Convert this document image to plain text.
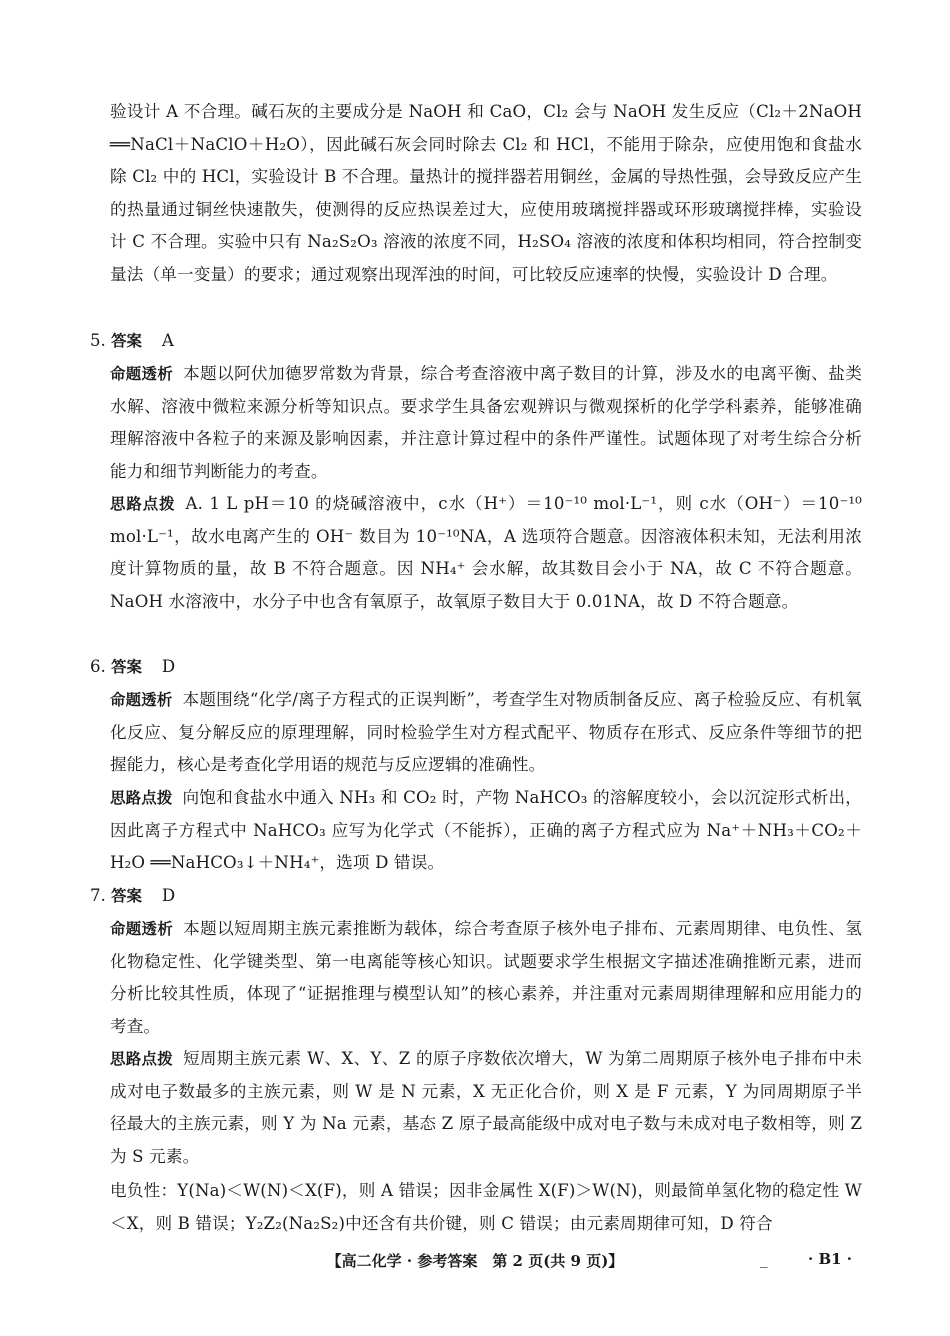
验设计 A 不合理。碱石灰的主要成分是 NaOH 和 CaO，Cl₂ 会与 NaOH 发生反应（Cl₂＋2NaOH ══NaCl＋NaClO＋H₂O），因此碱石灰会同时除去 Cl₂ 和 HCl，不能用于除杂，应使用饱和食盐水除 Cl₂ 中的 HCl，实验设计 B 不合理。量热计的搅拌器若用铜丝，金属的导热性强，会导致反应产生的热量通过铜丝快速散失，使测得的反应热误差过大，应使用玻璃搅拌器或环形玻璃搅拌棒，实验设计 C 不合理。实验中只有 Na₂S₂O₃ 溶液的浓度不同，H₂SO₄ 溶液的浓度和体积均相同，符合控制变量法（单一变量）的要求；通过观察出现浑浊的时间，可比较反应速率的快慢，实验设计 D 合理。
5. 答案 A
命题透析 本题以阿伏加德罗常数为背景，综合考查溶液中离子数目的计算，涉及水的电离平衡、盐类水解、溶液中微粒来源分析等知识点。要求学生具备宏观辨识与微观探析的化学学科素养，能够准确理解溶液中各粒子的来源及影响因素，并注意计算过程中的条件严谨性。试题体现了对考生综合分析能力和细节判断能力的考查。
思路点拨 A. 1 L pH＝10 的烧碱溶液中，c水（H⁺）＝10⁻¹⁰ mol·L⁻¹，则 c水（OH⁻）＝10⁻¹⁰ mol·L⁻¹，故水电离产生的 OH⁻ 数目为 10⁻¹⁰NA，A 选项符合题意。因溶液体积未知，无法利用浓度计算物质的量，故 B 不符合题意。因 NH₄⁺ 会水解，故其数目会小于 NA，故 C 不符合题意。NaOH 水溶液中，水分子中也含有氧原子，故氧原子数目大于 0.01NA，故 D 不符合题意。
6. 答案 D
命题透析 本题围绕“化学/离子方程式的正误判断”，考查学生对物质制备反应、离子检验反应、有机氧化反应、复分解反应的原理理解，同时检验学生对方程式配平、物质存在形式、反应条件等细节的把握能力，核心是考查化学用语的规范与反应逻辑的准确性。
思路点拨 向饱和食盐水中通入 NH₃ 和 CO₂ 时，产物 NaHCO₃ 的溶解度较小，会以沉淀形式析出，因此离子方程式中 NaHCO₃ 应写为化学式（不能拆），正确的离子方程式应为 Na⁺＋NH₃＋CO₂＋H₂O ══NaHCO₃↓＋NH₄⁺，选项 D 错误。
7. 答案 D
命题透析 本题以短周期主族元素推断为载体，综合考查原子核外电子排布、元素周期律、电负性、氢化物稳定性、化学键类型、第一电离能等核心知识。试题要求学生根据文字描述准确推断元素，进而分析比较其性质，体现了“证据推理与模型认知”的核心素养，并注重对元素周期律理解和应用能力的考查。
思路点拨 短周期主族元素 W、X、Y、Z 的原子序数依次增大，W 为第二周期原子核外电子排布中未成对电子数最多的主族元素，则 W 是 N 元素，X 无正化合价，则 X 是 F 元素，Y 为同周期原子半径最大的主族元素，则 Y 为 Na 元素，基态 Z 原子最高能级中成对电子数与未成对电子数相等，则 Z 为 S 元素。
电负性：Y(Na)＜W(N)＜X(F)，则 A 错误；因非金属性 X(F)＞W(N)，则最简单氢化物的稳定性 W＜X，则 B 错误；Y₂Z₂(Na₂S₂)中还含有共价键，则 C 错误；由元素周期律可知，D 符合
【高二化学 · 参考答案　第 2 页(共 9 页)】	_	· B1 ·
